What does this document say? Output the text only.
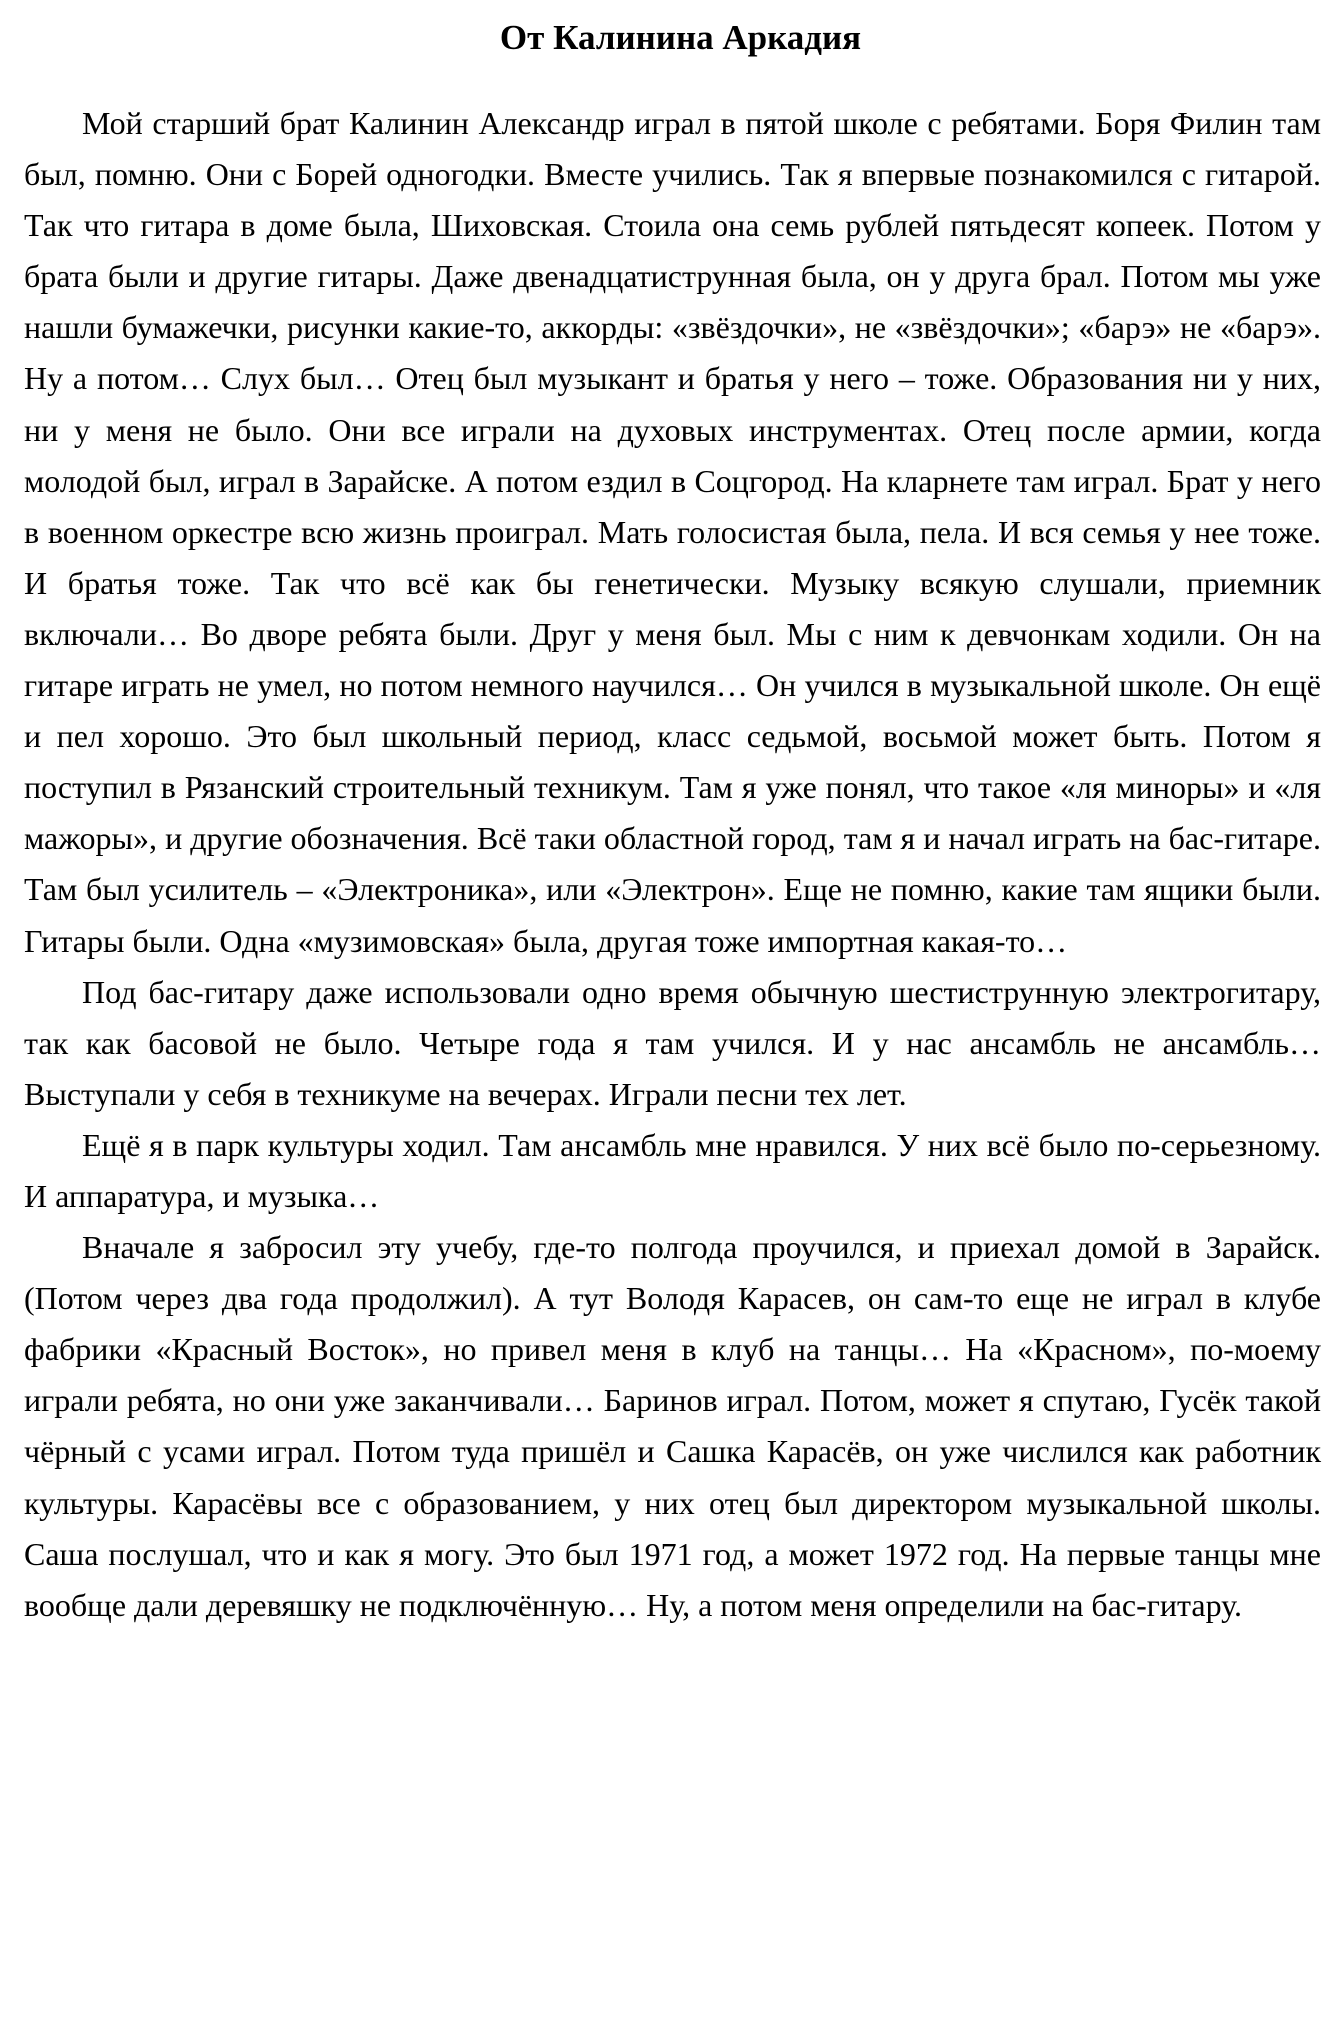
От Калинина Аркадия

Мой старший брат Калинин Александр играл в пятой школе с ребятами. Боря Филин там был, помню. Они с Борей одногодки. Вместе учились. Так я впервые познакомился с гитарой. Так что гитара в доме была, Шиховская. Стоила она семь рублей пятьдесят копеек. Потом у брата были и другие гитары. Даже двенадцатиструнная была, он у друга брал. Потом мы уже нашли бумажечки, рисунки какие-то, аккорды: «звёздочки», не «звёздочки»; «барэ» не «барэ». Ну а потом… Слух был… Отец был музыкант и братья у него – тоже. Образования ни у них, ни у меня не было. Они все играли на духовых инструментах. Отец после армии, когда молодой был, играл в Зарайске. А потом ездил в Соцгород. На кларнете там играл. Брат у него в военном оркестре всю жизнь проиграл. Мать голосистая была, пела. И вся семья у нее тоже. И братья тоже. Так что всё как бы генетически. Музыку всякую слушали, приемник включали… Во дворе ребята были. Друг у меня был. Мы с ним к девчонкам ходили. Он на гитаре играть не умел, но потом немного научился… Он учился в музыкальной школе. Он ещё и пел хорошо. Это был школьный период, класс седьмой, восьмой может быть. Потом я поступил в Рязанский строительный техникум. Там я уже понял, что такое «ля миноры» и «ля мажоры», и другие обозначения. Всё таки областной город, там я и начал играть на бас-гитаре. Там был усилитель – «Электроника», или «Электрон». Еще не помню, какие там ящики были. Гитары были. Одна «музимовская» была, другая тоже импортная какая-то…

Под бас-гитару даже использовали одно время обычную шестиструнную электрогитару, так как басовой не было. Четыре года я там учился. И у нас ансамбль не ансамбль… Выступали у себя в техникуме на вечерах. Играли песни тех лет.

Ещё я в парк культуры ходил. Там ансамбль мне нравился. У них всё было по-серьезному. И аппаратура, и музыка…

Вначале я забросил эту учебу, где-то полгода проучился, и приехал домой в Зарайск. (Потом через два года продолжил). А тут Володя Карасев, он сам-то еще не играл в клубе фабрики «Красный Восток», но привел меня в клуб на танцы… На «Красном», по-моему играли ребята, но они уже заканчивали… Баринов играл. Потом, может я спутаю, Гусёк такой чёрный с усами играл. Потом туда пришёл и Сашка Карасёв, он уже числился как работник культуры. Карасёвы все с образованием, у них отец был директором музыкальной школы. Саша послушал, что и как я могу. Это был 1971 год, а может 1972 год. На первые танцы мне вообще дали деревяшку не подключённую… Ну, а потом меня определили на бас-гитару.
